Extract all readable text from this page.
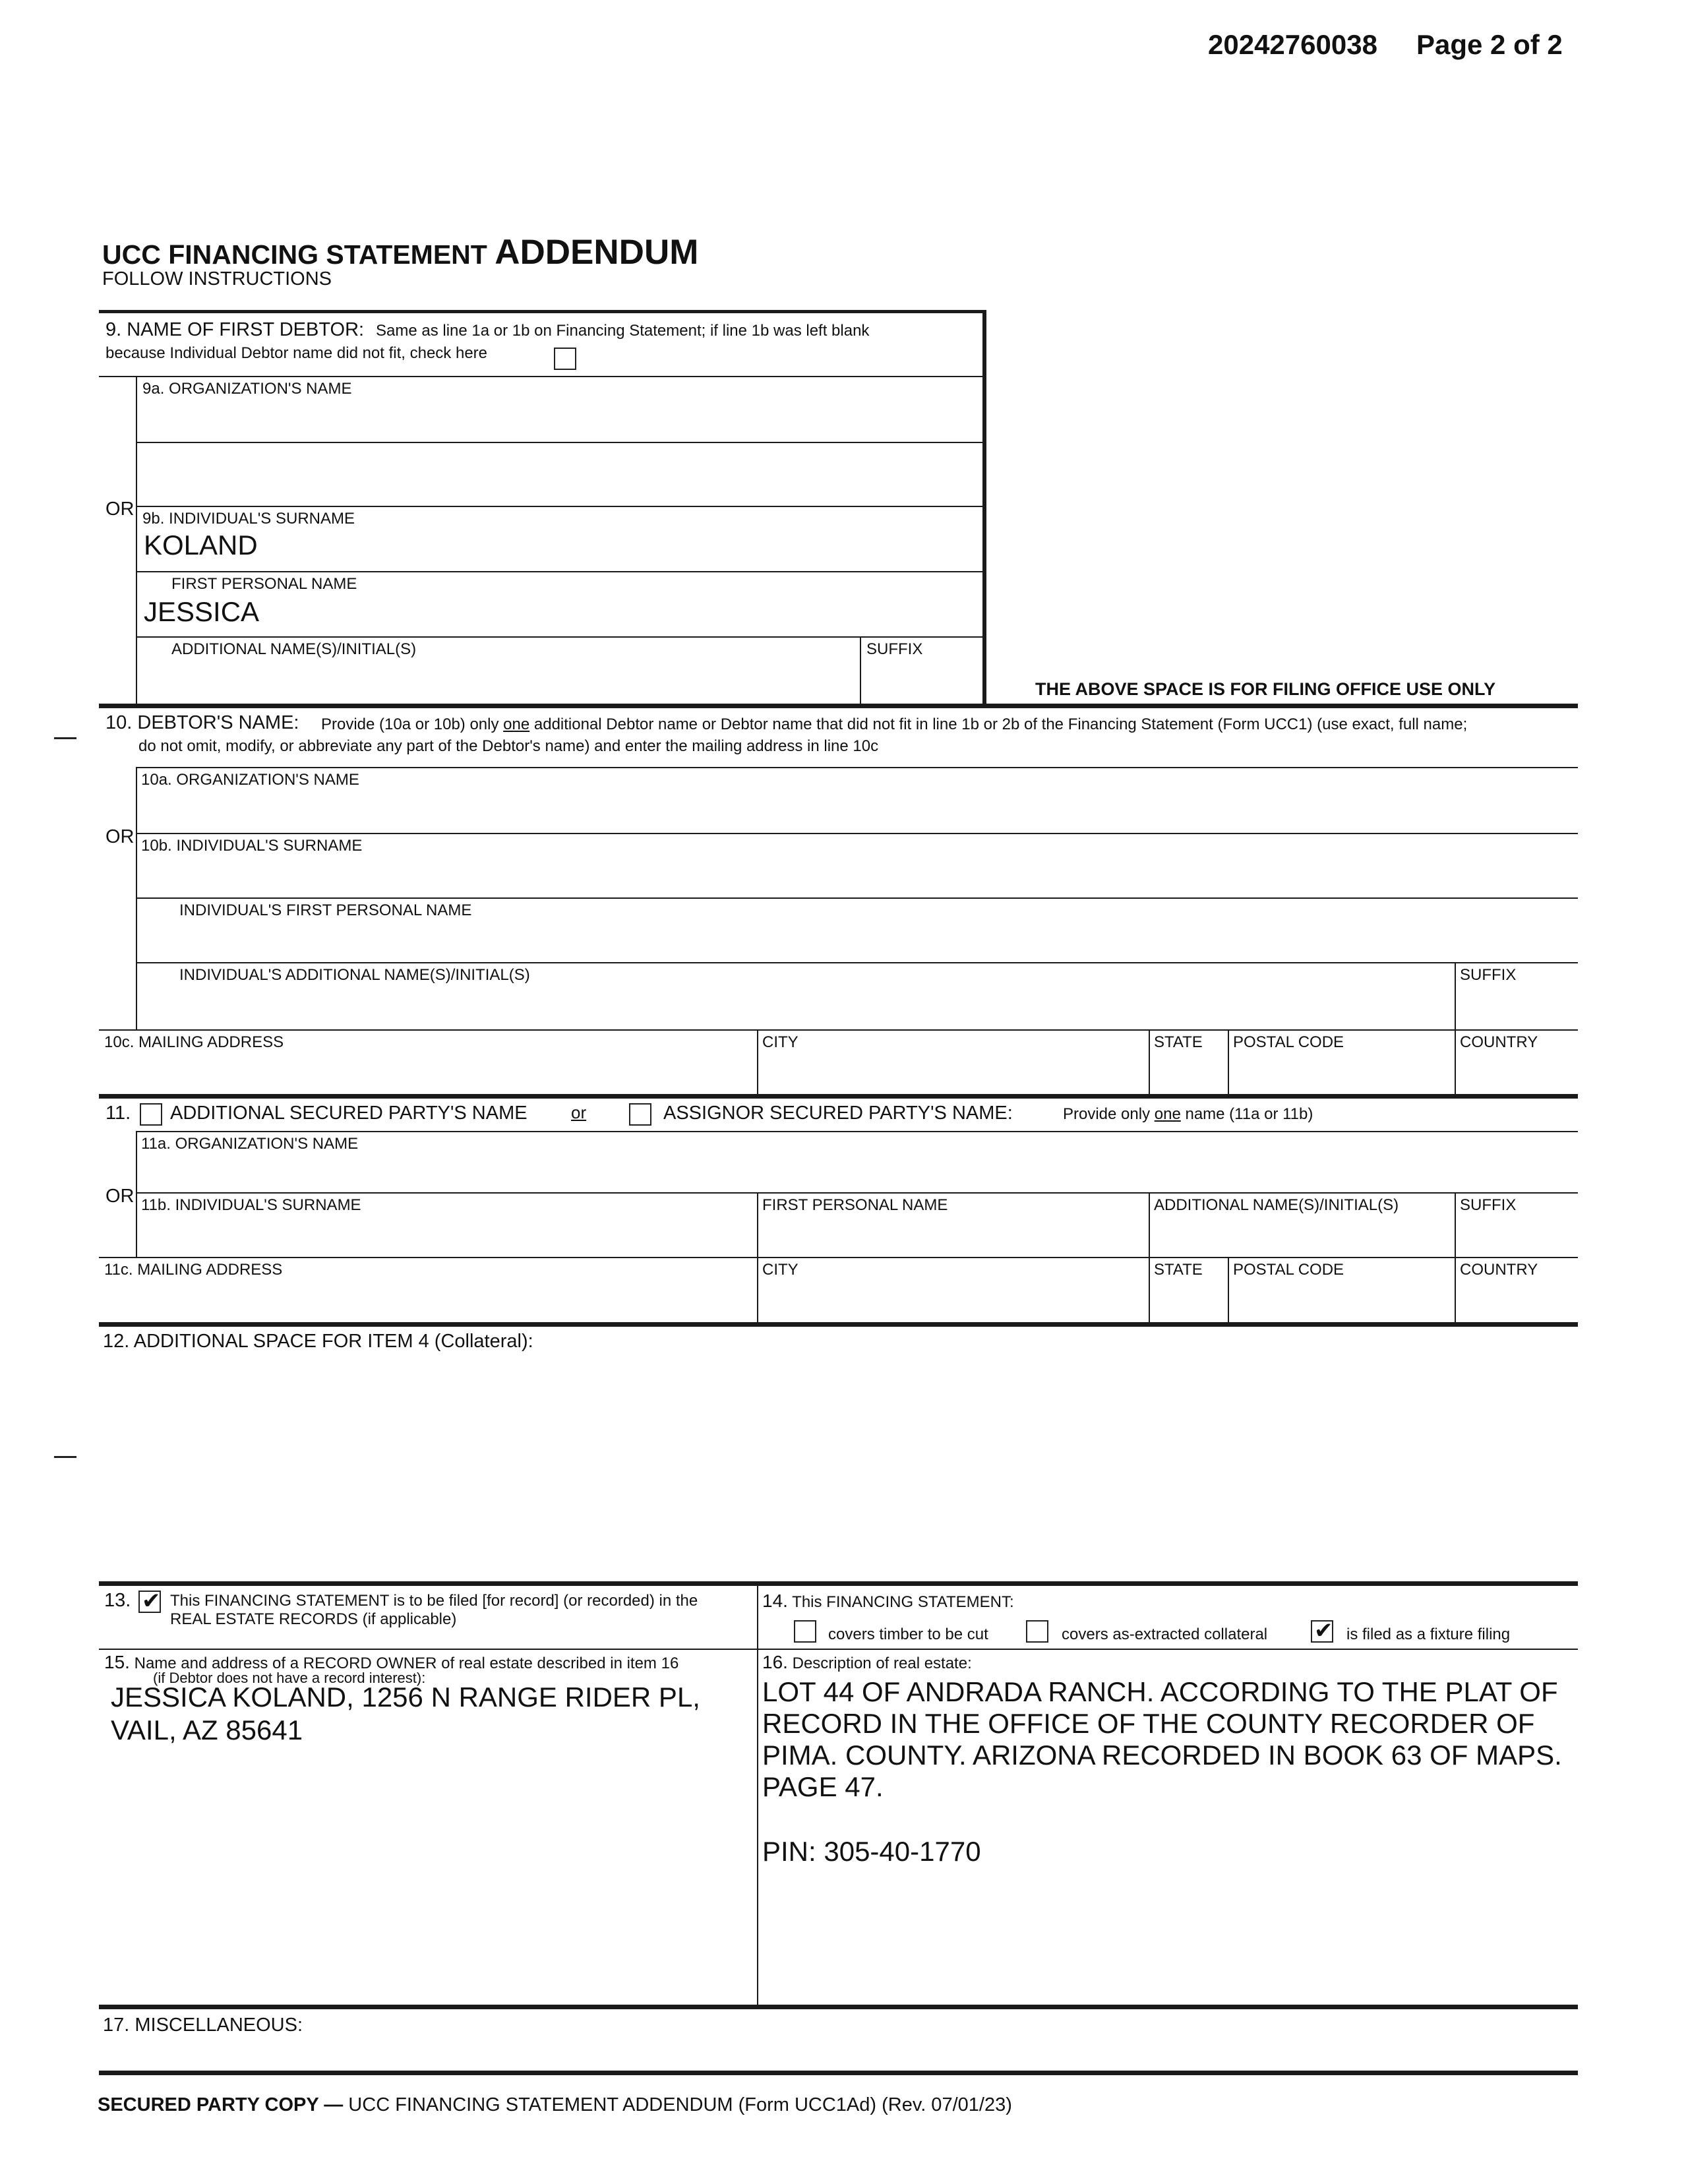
20242760038 Page 2 of 2
UCC FINANCING STATEMENT ADDENDUM
FOLLOW INSTRUCTIONS
9. NAME OF FIRST DEBTOR: Same as line 1a or 1b on Financing Statement; if line 1b was left blank
because Individual Debtor name did not fit, check here
9a. ORGANIZATION'S NAME
OR 9b. INDIVIDUAL'S SURNAME
KOLAND
FIRST PERSONAL NAME
JESSICA
ADDITIONAL NAME(S)/INITIAL(S)	SUFFIX
THE ABOVE SPACE IS FOR FILING OFFICE USE ONLY
10. DEBTOR'S NAME: Provide (10a or 10b) only one additional Debtor name or Debtor name that did not fit in line 1b or 2b of the Financing Statement (Form UCC1) (use exact, full name;
do not omit, modify, or abbreviate any part of the Debtor's name) and enter the mailing address in line 10c
10a. ORGANIZATION'S NAME
OR 10b. INDIVIDUAL'S SURNAME
INDIVIDUAL'S FIRST PERSONAL NAME
INDIVIDUAL'S ADDITIONAL NAME(S)/INITIAL(S)	SUFFIX
10c. MAILING ADDRESS	CITY	STATE POSTAL CODE	COUNTRY
11. ADDITIONAL SECURED PARTY'S NAME	or	ASSIGNOR SECURED PARTY'S NAME:	Provide only one name (11a or 11b)
11a. ORGANIZATION'S NAME
OR 11b. INDIVIDUAL'S SURNAME	FIRST PERSONAL NAME	ADDITIONAL NAME(S)/INITIAL(S)	SUFFIX
11c. MAILING ADDRESS	CITY	STATE POSTAL CODE	COUNTRY
12. ADDITIONAL SPACE FOR ITEM 4 (Collateral):
13. ✔ This FINANCING STATEMENT is to be filed [for record] (or recorded) in the
REAL ESTATE RECORDS (if applicable)
14. This FINANCING STATEMENT:
covers timber to be cut	covers as-extracted collateral ✔	is filed as a fixture filing
15. Name and address of a RECORD OWNER of real estate described in item 16
(if Debtor does not have a record interest):
JESSICA KOLAND, 1256 N RANGE RIDER PL,
VAIL, AZ 85641
16. Description of real estate:
LOT 44 OF ANDRADA RANCH. ACCORDING TO THE PLAT OF
RECORD IN THE OFFICE OF THE COUNTY RECORDER OF
PIMA. COUNTY. ARIZONA RECORDED IN BOOK 63 OF MAPS.
PAGE 47.
PIN: 305-40-1770
17. MISCELLANEOUS:
SECURED PARTY COPY — UCC FINANCING STATEMENT ADDENDUM (Form UCC1Ad) (Rev. 07/01/23)
